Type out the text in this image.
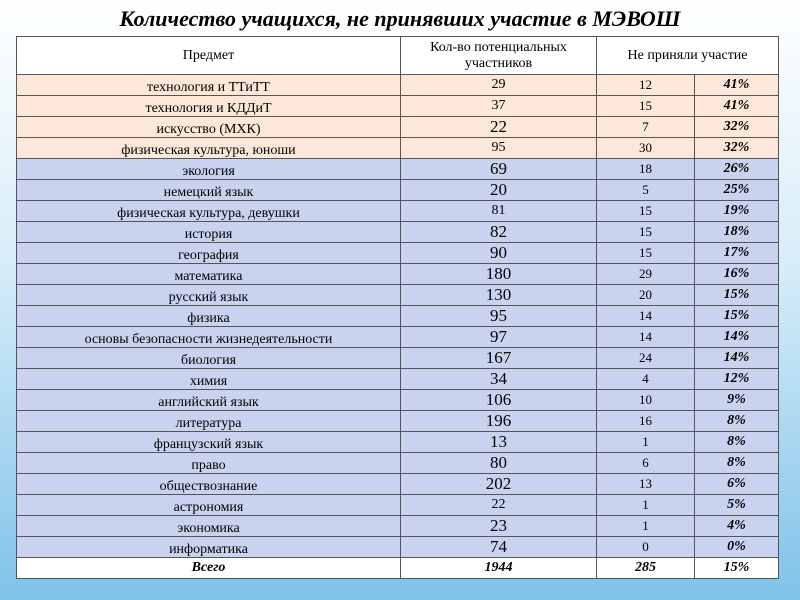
Количество учащихся, не принявших участие в МЭВОШ
Предмет	Кол-во потенциальных участников	Не приняли участие	
технология и ТТиТТ	29	12	41%
технология и КДДиТ	37	15	41%
искусство (МХК)	22	7	32%
физическая культура, юноши	95	30	32%
экология	69	18	26%
немецкий язык	20	5	25%
физическая культура, девушки	81	15	19%
история	82	15	18%
география	90	15	17%
математика	180	29	16%
русский язык	130	20	15%
физика	95	14	15%
основы безопасности жизнедеятельности	97	14	14%
биология	167	24	14%
химия	34	4	12%
английский язык	106	10	9%
литература	196	16	8%
французский язык	13	1	8%
право	80	6	8%
обществознание	202	13	6%
астрономия	22	1	5%
экономика	23	1	4%
информатика	74	0	0%
Всего	1944	285	15%
